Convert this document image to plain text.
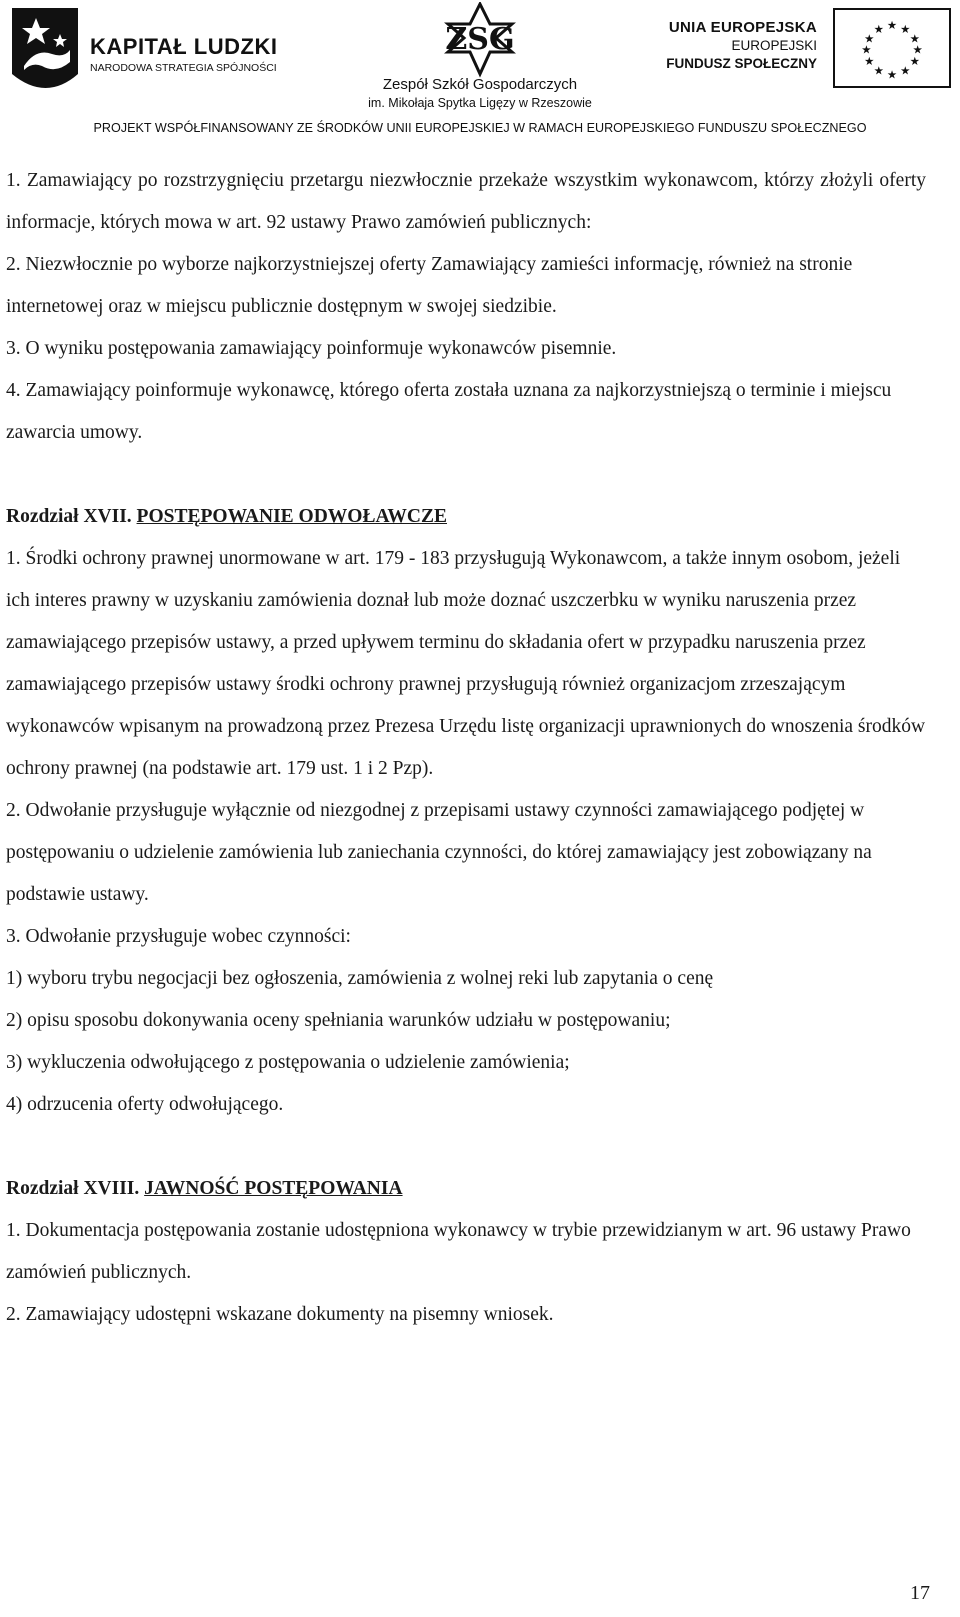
KAPITAŁ LUDZKI
NARODOWA STRATEGIA SPÓJNOŚCI
ZSG
Zespół Szkół Gospodarczych
im. Mikołaja Spytka Ligęzy w Rzeszowie
UNIA EUROPEJSKA
EUROPEJSKI
FUNDUSZ SPOŁECZNY
★ ★
★
★
★
★
★
★
★
★
★
★
PROJEKT WSPÓŁFINANSOWANY ZE ŚRODKÓW UNII EUROPEJSKIEJ W RAMACH EUROPEJSKIEGO FUNDUSZU SPOŁECZNEGO
1. Zamawiający po rozstrzygnięciu przetargu niezwłocznie przekaże wszystkim wykonawcom, którzy złożyli oferty informacje, których mowa w art. 92 ustawy Prawo zamówień publicznych:
2. Niezwłocznie po wyborze najkorzystniejszej oferty Zamawiający zamieści informację, również na stronie internetowej oraz w miejscu publicznie dostępnym w swojej siedzibie.
3. O wyniku postępowania zamawiający poinformuje wykonawców pisemnie.
4. Zamawiający poinformuje wykonawcę, którego oferta została uznana za najkorzystniejszą o terminie i miejscu zawarcia umowy.
Rozdział XVII. POSTĘPOWANIE ODWOŁAWCZE
1. Środki ochrony prawnej unormowane w art. 179 - 183 przysługują Wykonawcom, a także innym osobom, jeżeli ich interes prawny w uzyskaniu zamówienia doznał lub może doznać uszczerbku w wyniku naruszenia przez zamawiającego przepisów ustawy, a przed upływem terminu do składania ofert w przypadku naruszenia przez zamawiającego przepisów ustawy środki ochrony prawnej przysługują również organizacjom zrzeszającym wykonawców wpisanym na prowadzoną przez Prezesa Urzędu listę organizacji uprawnionych do wnoszenia środków ochrony prawnej (na podstawie art. 179 ust. 1 i 2 Pzp).
2. Odwołanie przysługuje wyłącznie od niezgodnej z przepisami ustawy czynności zamawiającego podjętej w postępowaniu o udzielenie zamówienia lub zaniechania czynności, do której zamawiający jest zobowiązany na podstawie ustawy.
3. Odwołanie przysługuje wobec czynności:
1) wyboru trybu negocjacji bez ogłoszenia, zamówienia z wolnej reki lub zapytania o cenę
2) opisu sposobu dokonywania oceny spełniania warunków udziału w postępowaniu;
3) wykluczenia odwołującego z postępowania o udzielenie zamówienia;
4) odrzucenia oferty odwołującego.
Rozdział XVIII. JAWNOŚĆ POSTĘPOWANIA
1. Dokumentacja postępowania zostanie udostępniona wykonawcy w trybie przewidzianym w art. 96 ustawy Prawo zamówień publicznych.
2. Zamawiający udostępni wskazane dokumenty na pisemny wniosek.
17
